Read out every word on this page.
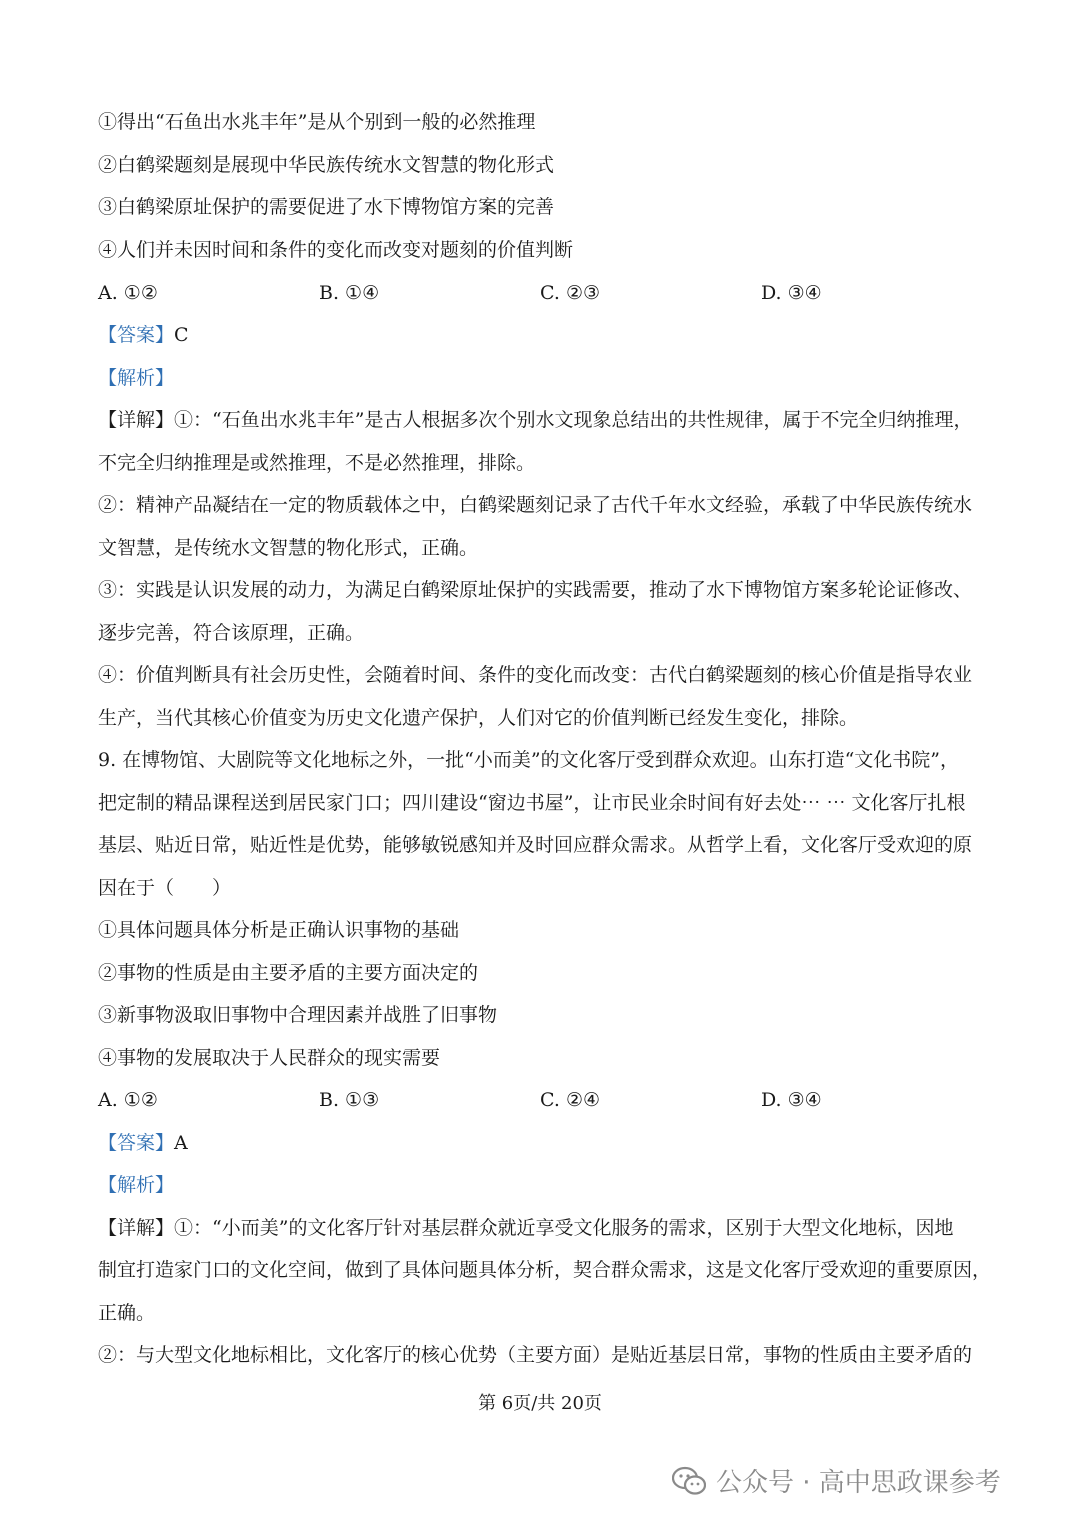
①得出“石鱼出水兆丰年”是从个别到一般的必然推理
②白鹤梁题刻是展现中华民族传统水文智慧的物化形式
③白鹤梁原址保护的需要促进了水下博物馆方案的完善
④人们并未因时间和条件的变化而改变对题刻的价值判断
A. ①②	B. ①④	C. ②③	D. ③④
【答案】C
【解析】
【详解】①：“石鱼出水兆丰年”是古人根据多次个别水文现象总结出的共性规律，属于不完全归纳推理，
不完全归纳推理是或然推理，不是必然推理，排除。
②：精神产品凝结在一定的物质载体之中，白鹤梁题刻记录了古代千年水文经验，承载了中华民族传统水
文智慧，是传统水文智慧的物化形式，正确。
③：实践是认识发展的动力，为满足白鹤梁原址保护的实践需要，推动了水下博物馆方案多轮论证修改、
逐步完善，符合该原理，正确。
④：价值判断具有社会历史性，会随着时间、条件的变化而改变：古代白鹤梁题刻的核心价值是指导农业
生产，当代其核心价值变为历史文化遗产保护，人们对它的价值判断已经发生变化，排除。
9. 在博物馆、大剧院等文化地标之外，一批“小而美”的文化客厅受到群众欢迎。山东打造“文化书院”，
把定制的精品课程送到居民家门口；四川建设“窗边书屋”，让市民业余时间有好去处⋯ ⋯ 文化客厅扎根
基层、贴近日常，贴近性是优势，能够敏锐感知并及时回应群众需求。从哲学上看，文化客厅受欢迎的原
因在于（　　）
①具体问题具体分析是正确认识事物的基础
②事物的性质是由主要矛盾的主要方面决定的
③新事物汲取旧事物中合理因素并战胜了旧事物
④事物的发展取决于人民群众的现实需要
A. ①②	B. ①③	C. ②④	D. ③④
【答案】A
【解析】
【详解】①：“小而美”的文化客厅针对基层群众就近享受文化服务的需求，区别于大型文化地标，因地
制宜打造家门口的文化空间，做到了具体问题具体分析，契合群众需求，这是文化客厅受欢迎的重要原因，
正确。
②：与大型文化地标相比，文化客厅的核心优势（主要方面）是贴近基层日常，事物的性质由主要矛盾的
第 6页/共 20页
公众号 · 高中思政课参考
